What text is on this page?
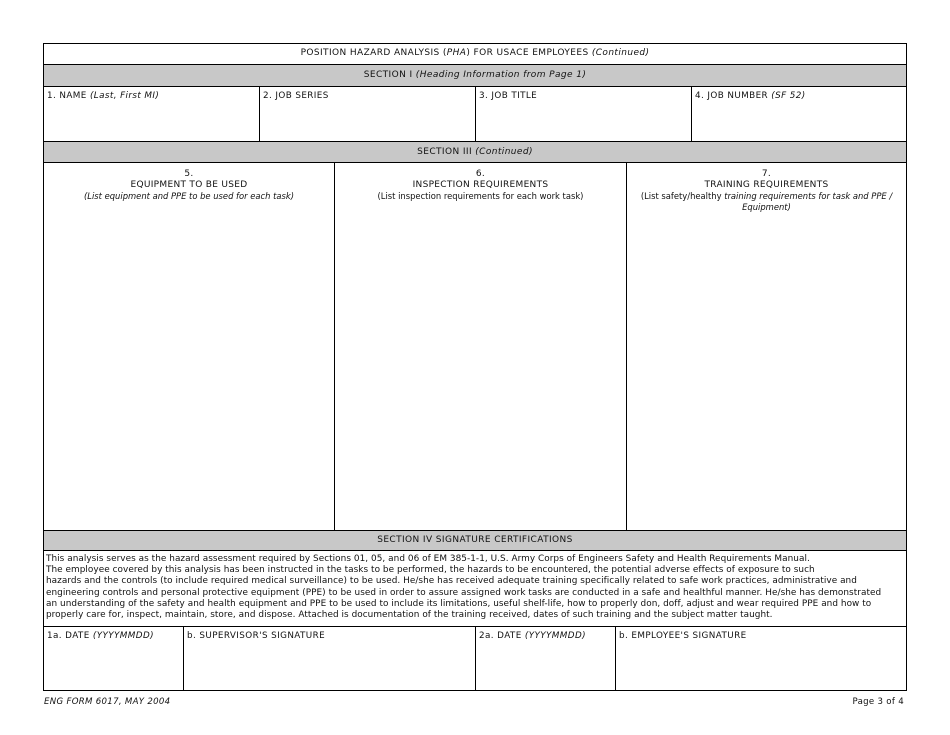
POSITION HAZARD ANALYSIS (PHA) FOR USACE EMPLOYEES (Continued)
SECTION I (Heading Information from Page 1)
1. NAME (Last, First MI)	2. JOB SERIES	3. JOB TITLE	4. JOB NUMBER (SF 52)
SECTION III (Continued)
5.
EQUIPMENT TO BE USED
(List equipment and PPE to be used for each task)
6.
INSPECTION REQUIREMENTS
(List inspection requirements for each work task)
7.
TRAINING REQUIREMENTS
(List safety/healthy training requirements for task and PPE / Equipment)
SECTION IV SIGNATURE CERTIFICATIONS
This analysis serves as the hazard assessment required by Sections 01, 05, and 06 of EM 385-1-1, U.S. Army Corps of Engineers Safety and Health Requirements Manual.
The employee covered by this analysis has been instructed in the tasks to be performed, the hazards to be encountered, the potential adverse effects of exposure to such
hazards and the controls (to include required medical surveillance) to be used. He/she has received adequate training specifically related to safe work practices, administrative and
engineering controls and personal protective equipment (PPE) to be used in order to assure assigned work tasks are conducted in a safe and healthful manner. He/she has demonstrated
an understanding of the safety and health equipment and PPE to be used to include its limitations, useful shelf-life, how to properly don, doff, adjust and wear required PPE and how to
properly care for, inspect, maintain, store, and dispose. Attached is documentation of the training received, dates of such training and the subject matter taught.
1a. DATE (YYYYMMDD)	b. SUPERVISOR'S SIGNATURE	2a. DATE (YYYYMMDD)	b. EMPLOYEE'S SIGNATURE
ENG FORM 6017, MAY 2004	Page 3 of 4
